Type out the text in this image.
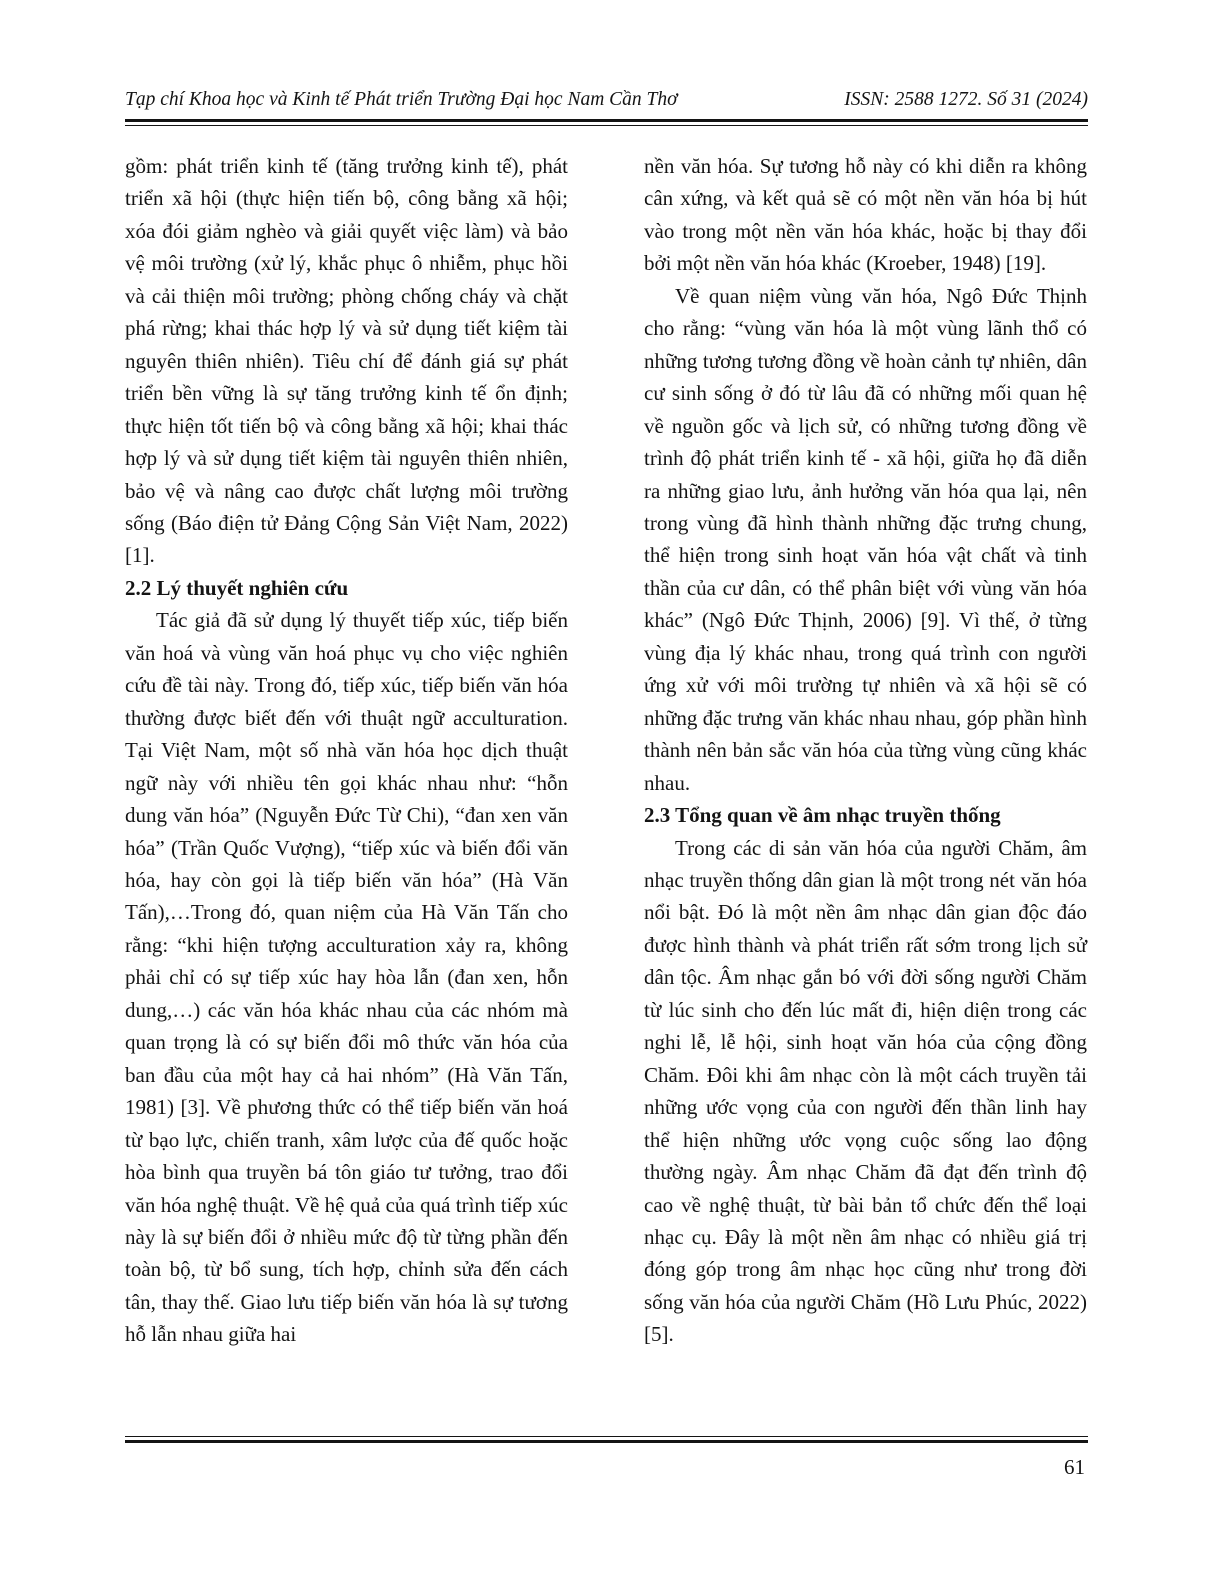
Tạp chí Khoa học và Kinh tế Phát triển Trường Đại học Nam Cần Thơ	ISSN: 2588 1272. Số 31 (2024)

gồm: phát triển kinh tế (tăng trưởng kinh tế), phát triển xã hội (thực hiện tiến bộ, công bằng xã hội; xóa đói giảm nghèo và giải quyết việc làm) và bảo vệ môi trường (xử lý, khắc phục ô nhiễm, phục hồi và cải thiện môi trường; phòng chống cháy và chặt phá rừng; khai thác hợp lý và sử dụng tiết kiệm tài nguyên thiên nhiên). Tiêu chí để đánh giá sự phát triển bền vững là sự tăng trưởng kinh tế ổn định; thực hiện tốt tiến bộ và công bằng xã hội; khai thác hợp lý và sử dụng tiết kiệm tài nguyên thiên nhiên, bảo vệ và nâng cao được chất lượng môi trường sống (Báo điện tử Đảng Cộng Sản Việt Nam, 2022) [1].

2.2 Lý thuyết nghiên cứu

Tác giả đã sử dụng lý thuyết tiếp xúc, tiếp biến văn hoá và vùng văn hoá phục vụ cho việc nghiên cứu đề tài này. Trong đó, tiếp xúc, tiếp biến văn hóa thường được biết đến với thuật ngữ acculturation. Tại Việt Nam, một số nhà văn hóa học dịch thuật ngữ này với nhiều tên gọi khác nhau như: “hỗn dung văn hóa” (Nguyễn Đức Từ Chi), “đan xen văn hóa” (Trần Quốc Vượng), “tiếp xúc và biến đổi văn hóa, hay còn gọi là tiếp biến văn hóa” (Hà Văn Tấn),…Trong đó, quan niệm của Hà Văn Tấn cho rằng: “khi hiện tượng acculturation xảy ra, không phải chỉ có sự tiếp xúc hay hòa lẫn (đan xen, hỗn dung,…) các văn hóa khác nhau của các nhóm mà quan trọng là có sự biến đổi mô thức văn hóa của ban đầu của một hay cả hai nhóm” (Hà Văn Tấn, 1981) [3]. Về phương thức có thể tiếp biến văn hoá từ bạo lực, chiến tranh, xâm lược của đế quốc hoặc hòa bình qua truyền bá tôn giáo tư tưởng, trao đổi văn hóa nghệ thuật. Về hệ quả của quá trình tiếp xúc này là sự biến đổi ở nhiều mức độ từ từng phần đến toàn bộ, từ bổ sung, tích hợp, chỉnh sửa đến cách tân, thay thế. Giao lưu tiếp biến văn hóa là sự tương hỗ lẫn nhau giữa hai

nền văn hóa. Sự tương hỗ này có khi diễn ra không cân xứng, và kết quả sẽ có một nền văn hóa bị hút vào trong một nền văn hóa khác, hoặc bị thay đổi bởi một nền văn hóa khác (Kroeber, 1948) [19].

Về quan niệm vùng văn hóa, Ngô Đức Thịnh cho rằng: “vùng văn hóa là một vùng lãnh thổ có những tương tương đồng về hoàn cảnh tự nhiên, dân cư sinh sống ở đó từ lâu đã có những mối quan hệ về nguồn gốc và lịch sử, có những tương đồng về trình độ phát triển kinh tế - xã hội, giữa họ đã diễn ra những giao lưu, ảnh hưởng văn hóa qua lại, nên trong vùng đã hình thành những đặc trưng chung, thể hiện trong sinh hoạt văn hóa vật chất và tinh thần của cư dân, có thể phân biệt với vùng văn hóa khác” (Ngô Đức Thịnh, 2006) [9]. Vì thế, ở từng vùng địa lý khác nhau, trong quá trình con người ứng xử với môi trường tự nhiên và xã hội sẽ có những đặc trưng văn khác nhau nhau, góp phần hình thành nên bản sắc văn hóa của từng vùng cũng khác nhau.

2.3 Tổng quan về âm nhạc truyền thống

Trong các di sản văn hóa của người Chăm, âm nhạc truyền thống dân gian là một trong nét văn hóa nổi bật. Đó là một nền âm nhạc dân gian độc đáo được hình thành và phát triển rất sớm trong lịch sử dân tộc. Âm nhạc gắn bó với đời sống người Chăm từ lúc sinh cho đến lúc mất đi, hiện diện trong các nghi lễ, lễ hội, sinh hoạt văn hóa của cộng đồng Chăm. Đôi khi âm nhạc còn là một cách truyền tải những ước vọng của con người đến thần linh hay thể hiện những ước vọng cuộc sống lao động thường ngày. Âm nhạc Chăm đã đạt đến trình độ cao về nghệ thuật, từ bài bản tổ chức đến thể loại nhạc cụ. Đây là một nền âm nhạc có nhiều giá trị đóng góp trong âm nhạc học cũng như trong đời sống văn hóa của người Chăm (Hồ Lưu Phúc, 2022) [5].

61
